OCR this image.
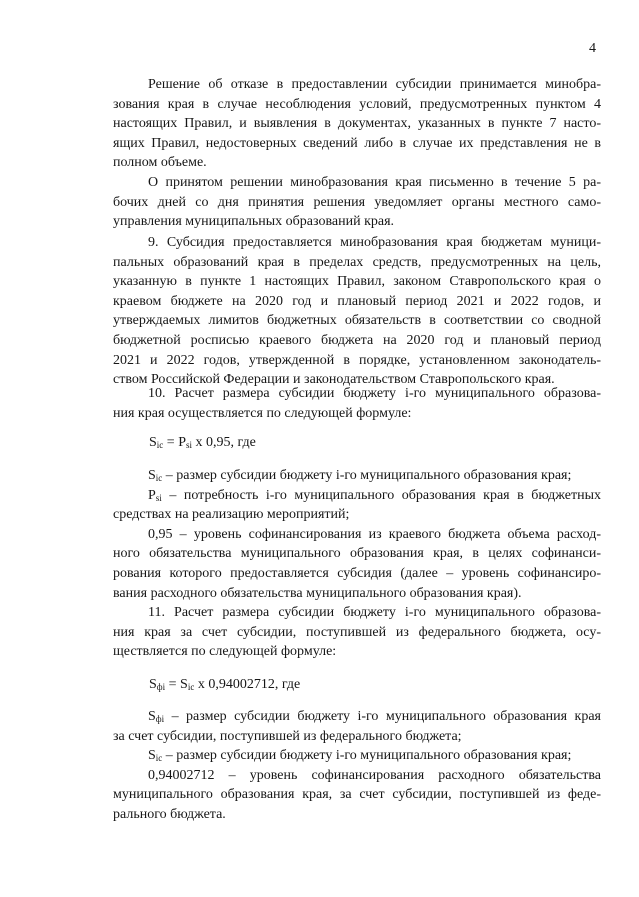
4
Решение об отказе в предоставлении субсидии принимается минобра-
зования края в случае несоблюдения условий, предусмотренных пунктом 4
настоящих Правил, и выявления в документах, указанных в пункте 7 насто-
ящих Правил, недостоверных сведений либо в случае их представления не в
полном объеме.
О принятом решении минобразования края письменно в течение 5 ра-
бочих дней со дня принятия решения уведомляет органы местного само-
управления муниципальных образований края.
9. Субсидия предоставляется минобразования края бюджетам муници-
пальных образований края в пределах средств, предусмотренных на цель,
указанную в пункте 1 настоящих Правил, законом Ставропольского края о
краевом бюджете на 2020 год и плановый период 2021 и 2022 годов, и
утверждаемых лимитов бюджетных обязательств в соответствии со сводной
бюджетной росписью краевого бюджета на 2020 год и плановый период
2021 и 2022 годов, утвержденной в порядке, установленном законодатель-
ством Российской Федерации и законодательством Ставропольского края.
10. Расчет размера субсидии бюджету i-го муниципального образова-
ния края осуществляется по следующей формуле:
$S_{ic} = P_{si}$ x 0,95, где
$S_{ic}$ – размер субсидии бюджету i-го муниципального образования края;
$P_{si}$ – потребность i-го муниципального образования края в бюджетных
средствах на реализацию мероприятий;
0,95 – уровень софинансирования из краевого бюджета объема расход-
ного обязательства муниципального образования края, в целях софинанси-
рования которого предоставляется субсидия (далее – уровень софинансиро-
вания расходного обязательства муниципального образования края).
11. Расчет размера субсидии бюджету i-го муниципального образова-
ния края за счет субсидии, поступившей из федерального бюджета, осу-
ществляется по следующей формуле:
$S_{фi} = S_{ic}$ x 0,94002712, где
$S_{фi}$ – размер субсидии бюджету i-го муниципального образования края
за счет субсидии, поступившей из федерального бюджета;
$S_{ic}$ – размер субсидии бюджету i-го муниципального образования края;
0,94002712 – уровень софинансирования расходного обязательства
муниципального образования края, за счет субсидии, поступившей из феде-
рального бюджета.
